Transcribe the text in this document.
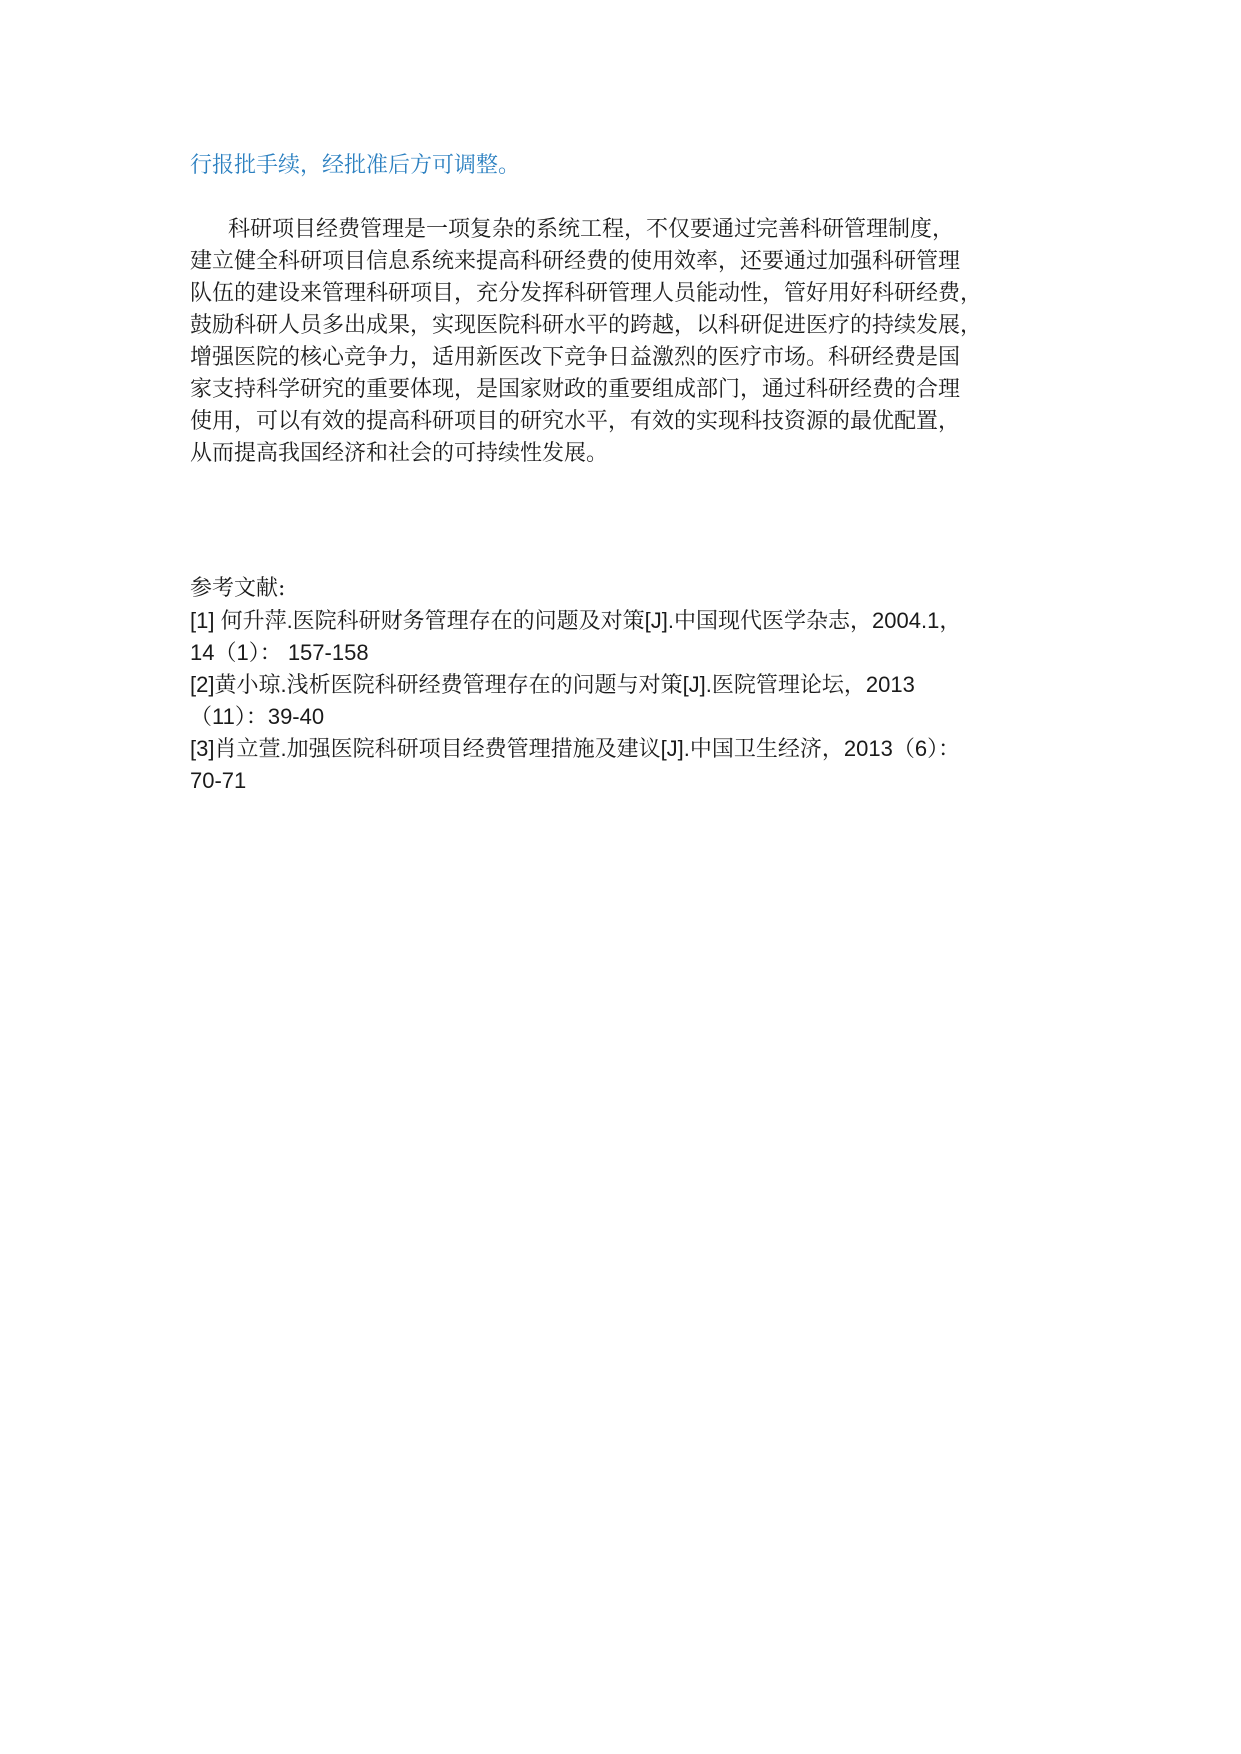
行报批手续，经批准后方可调整。
科研项目经费管理是一项复杂的系统工程，不仅要通过完善科研管理制度，
建立健全科研项目信息系统来提高科研经费的使用效率，还要通过加强科研管理
队伍的建设来管理科研项目，充分发挥科研管理人员能动性，管好用好科研经费，
鼓励科研人员多出成果，实现医院科研水平的跨越，以科研促进医疗的持续发展，
增强医院的核心竞争力，适用新医改下竞争日益激烈的医疗市场。科研经费是国
家支持科学研究的重要体现，是国家财政的重要组成部门，通过科研经费的合理
使用，可以有效的提高科研项目的研究水平，有效的实现科技资源的最优配置，
从而提高我国经济和社会的可持续性发展。
参考文献:
[1] 何升萍.医院科研财务管理存在的问题及对策[J].中国现代医学杂志，2004.1，
14（1）： 157-158
[2]黄小琼.浅析医院科研经费管理存在的问题与对策[J].医院管理论坛，2013
（11）：39-40
[3]肖立萱.加强医院科研项目经费管理措施及建议[J].中国卫生经济，2013（6）：
70-71
